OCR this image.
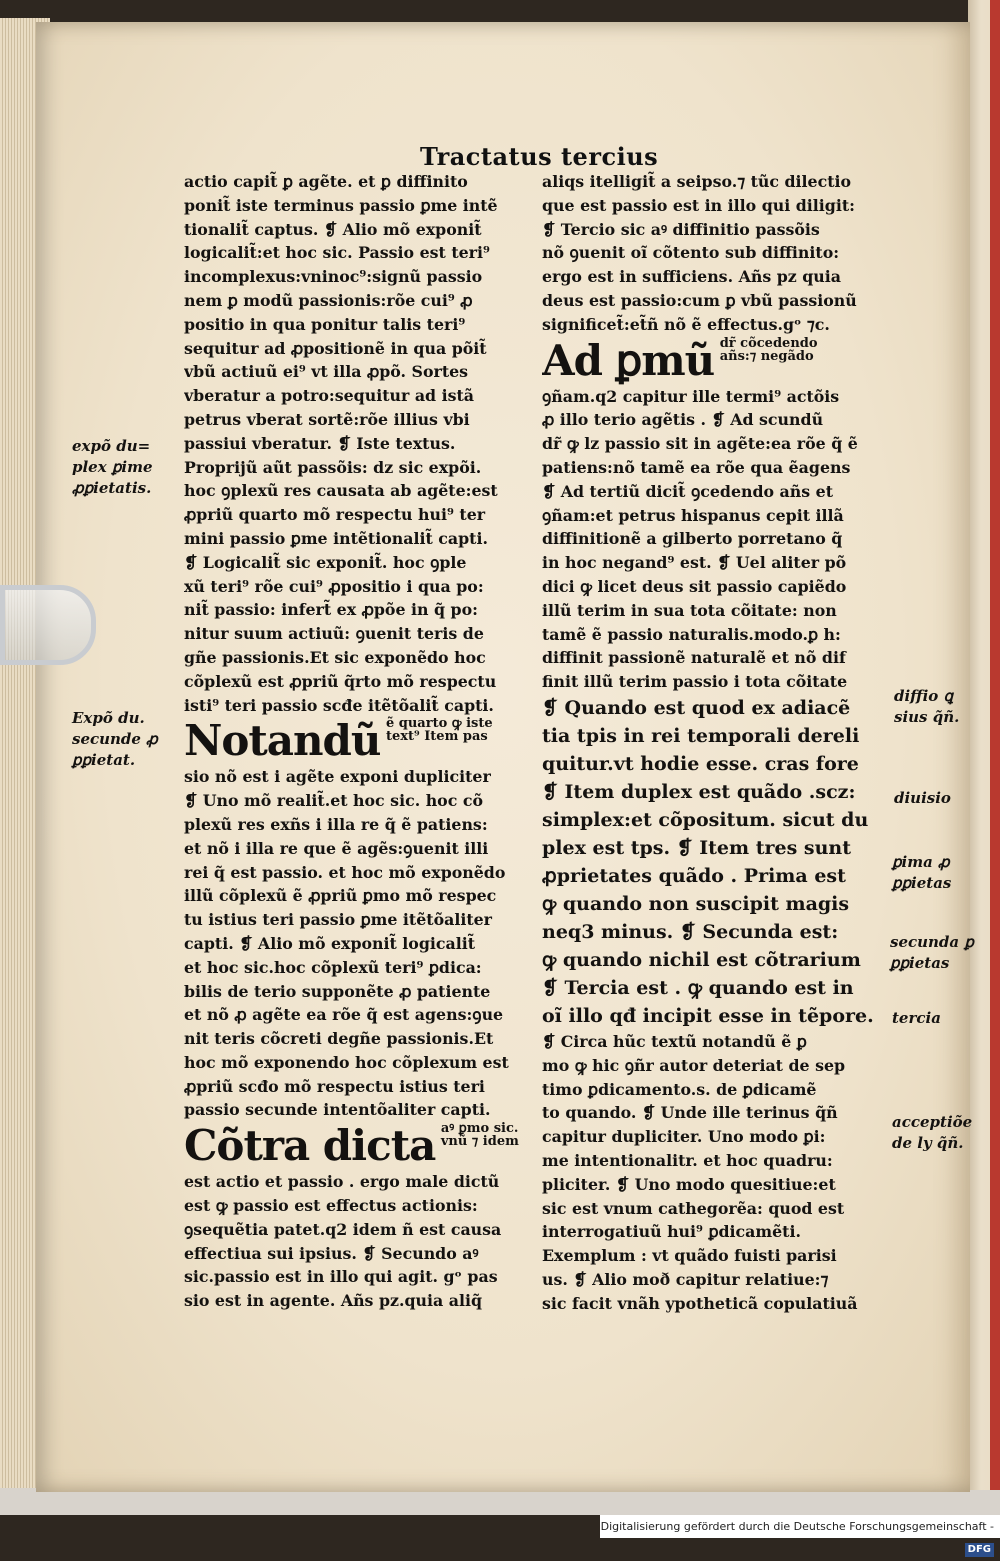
Tractatus tercius
actio capit̃ ꝑ agẽte. et ꝑ diffinito
ponit̃ iste terminus passio ꝑme intẽ
tionalit̃ captus. ❡ Alio mõ exponit̃
logicalit̃:et hoc sic. Passio est teri⁹
incomplexus:vninoc⁹:signũ passio
nem ꝑ modũ passionis:rõe cui⁹ ꝓ
positio in qua ponitur talis teri⁹
sequitur ad ꝓpositionẽ in qua põit̃
vbũ actiuũ ei⁹ vt illa ꝓpõ. Sortes
vberatur a potro:sequitur ad istã
petrus vberat sortẽ:rõe illius vbi
passiui vberatur. ❡ Iste textus.
Proprijũ aũt passõis: dz sic expõi.
hoc ꝯplexũ res causata ab agẽte:est
ꝓpriũ quarto mõ respectu hui⁹ ter
mini passio ꝑme intẽtionalit̃ capti.
❡ Logicalit̃ sic exponit̃. hoc ꝯple
xũ teri⁹ rõe cui⁹ ꝓpositio i qua po:
nit̃ passio: infert̃ ex ꝓpõe in q̃ po:
nitur suum actiuũ: ꝯuenit teris de
gñe passionis.Et sic exponẽdo hoc
cõplexũ est ꝓpriũ q̃rto mõ respectu
isti⁹ teri passio scđe itẽtõalit̃ capti.
Notandũ ẽ quarto ꝙ iste
text⁹ Item pas
sio nõ est i agẽte exponi dupliciter
❡ Uno mõ realit̃.et hoc sic. hoc cõ
plexũ res exñs i illa re q̃ ẽ patiens:
et nõ i illa re que ẽ agẽs:ꝯuenit illi
rei q̃ est passio. et hoc mõ exponẽdo
illũ cõplexũ ẽ ꝓpriũ ꝑmo mõ respec
tu istius teri passio ꝑme itẽtõaliter
capti. ❡ Alio mõ exponit̃ logicalit̃
et hoc sic.hoc cõplexũ teri⁹ ꝑdica:
bilis de terio supponẽte ꝓ patiente
et nõ ꝓ agẽte ea rõe q̃ est agens:ꝯue
nit teris cõcreti degñe passionis.Et
hoc mõ exponendo hoc cõplexum est
ꝓpriũ scđo mõ respectu istius teri
passio secunde intentõaliter capti.
Cõtra dicta aꝰ ꝑmo sic.
vnũ ⁊ idem
est actio et passio . ergo male dictũ
est ꝙ passio est effectus actionis:
ꝯsequẽtia patet.q2 idem ñ est causa
effectiua sui ipsius. ❡ Secundo aꝰ
sic.passio est in illo qui agit. gᵒ pas
sio est in agente. Añs pz.quia aliq̃
aliqs itelligit̃ a seipso.⁊ tũc dilectio
que est passio est in illo qui diligit:
❡ Tercio sic aꝰ diffinitio passõis
nõ ꝯuenit oĩ cõtento sub diffinito:
ergo est in sufficiens. Añs pz quia
deus est passio:cum ꝑ vbũ passionũ
significet̃:et̃ñ nõ ẽ effectus.gᵒ ⁊c.
Ad ꝑmũ dr̃ cõcedendo
añs:⁊ negãdo
ꝯñam.q2 capitur ille termi⁹ actõis
ꝓ illo terio agẽtis . ❡ Ad scundũ
dr̃ ꝙ lz passio sit in agẽte:ea rõe q̃ ẽ
patiens:nõ tamẽ ea rõe qua ẽagens
❡ Ad tertiũ dicit̃ ꝯcedendo añs et
ꝯñam:et petrus hispanus cepit illã
diffinitionẽ a gilberto porretano q̃
in hoc negand⁹ est. ❡ Uel aliter põ
dici ꝙ licet deus sit passio capiẽdo
illũ terim in sua tota cõitate: non
tamẽ ẽ passio naturalis.modo.ꝑ h:
diffinit passionẽ naturalẽ et nõ dif
finit illũ terim passio i tota cõitate
❡ Quando est quod ex adiacẽ
tia tpis in rei temporali dereli
quitur.vt hodie esse. cras fore
❡ Item duplex est quãdo .scz:
simplex:et cõpositum. sicut du
plex est tps. ❡ Item tres sunt
ꝓprietates quãdo . Prima est
ꝙ quando non suscipit magis
neq3 minus. ❡ Secunda est:
ꝙ quando nichil est cõtrarium
❡ Tercia est . ꝙ quando est in
oĩ illo qđ incipit esse in tẽpore.
❡ Circa hũc textũ notandũ ẽ ꝑ
mo ꝙ hic ꝯñr autor deteriat de sep
timo ꝑdicamento.s. de ꝑdicamẽ
to quando. ❡ Unde ille terinus q̃ñ
capitur dupliciter. Uno modo ꝑi:
me intentionalitr. et hoc quadru:
pliciter. ❡ Uno modo quesitiue:et
sic est vnum cathegorẽa: quod est
interrogatiuũ hui⁹ ꝑdicamẽti.
Exemplum : vt quãdo fuisti parisi
us. ❡ Alio moð capitur relatiue:⁊
sic facit vnãh ypotheticã copulatiuã
expõ du=
plex ꝑime
ꝓꝑietatis.
Expõ du.
secunde ꝓ
ꝑꝑietat.
diffio ꝗ
sius q̃ñ.
diuisio
ꝑima ꝓ
ꝑꝑietas
secunda ꝑ
ꝑꝑietas
tercia
acceptiõe
de ly q̃ñ.
Digitalisierung gefördert durch die Deutsche Forschungsgemeinschaft -DFG
